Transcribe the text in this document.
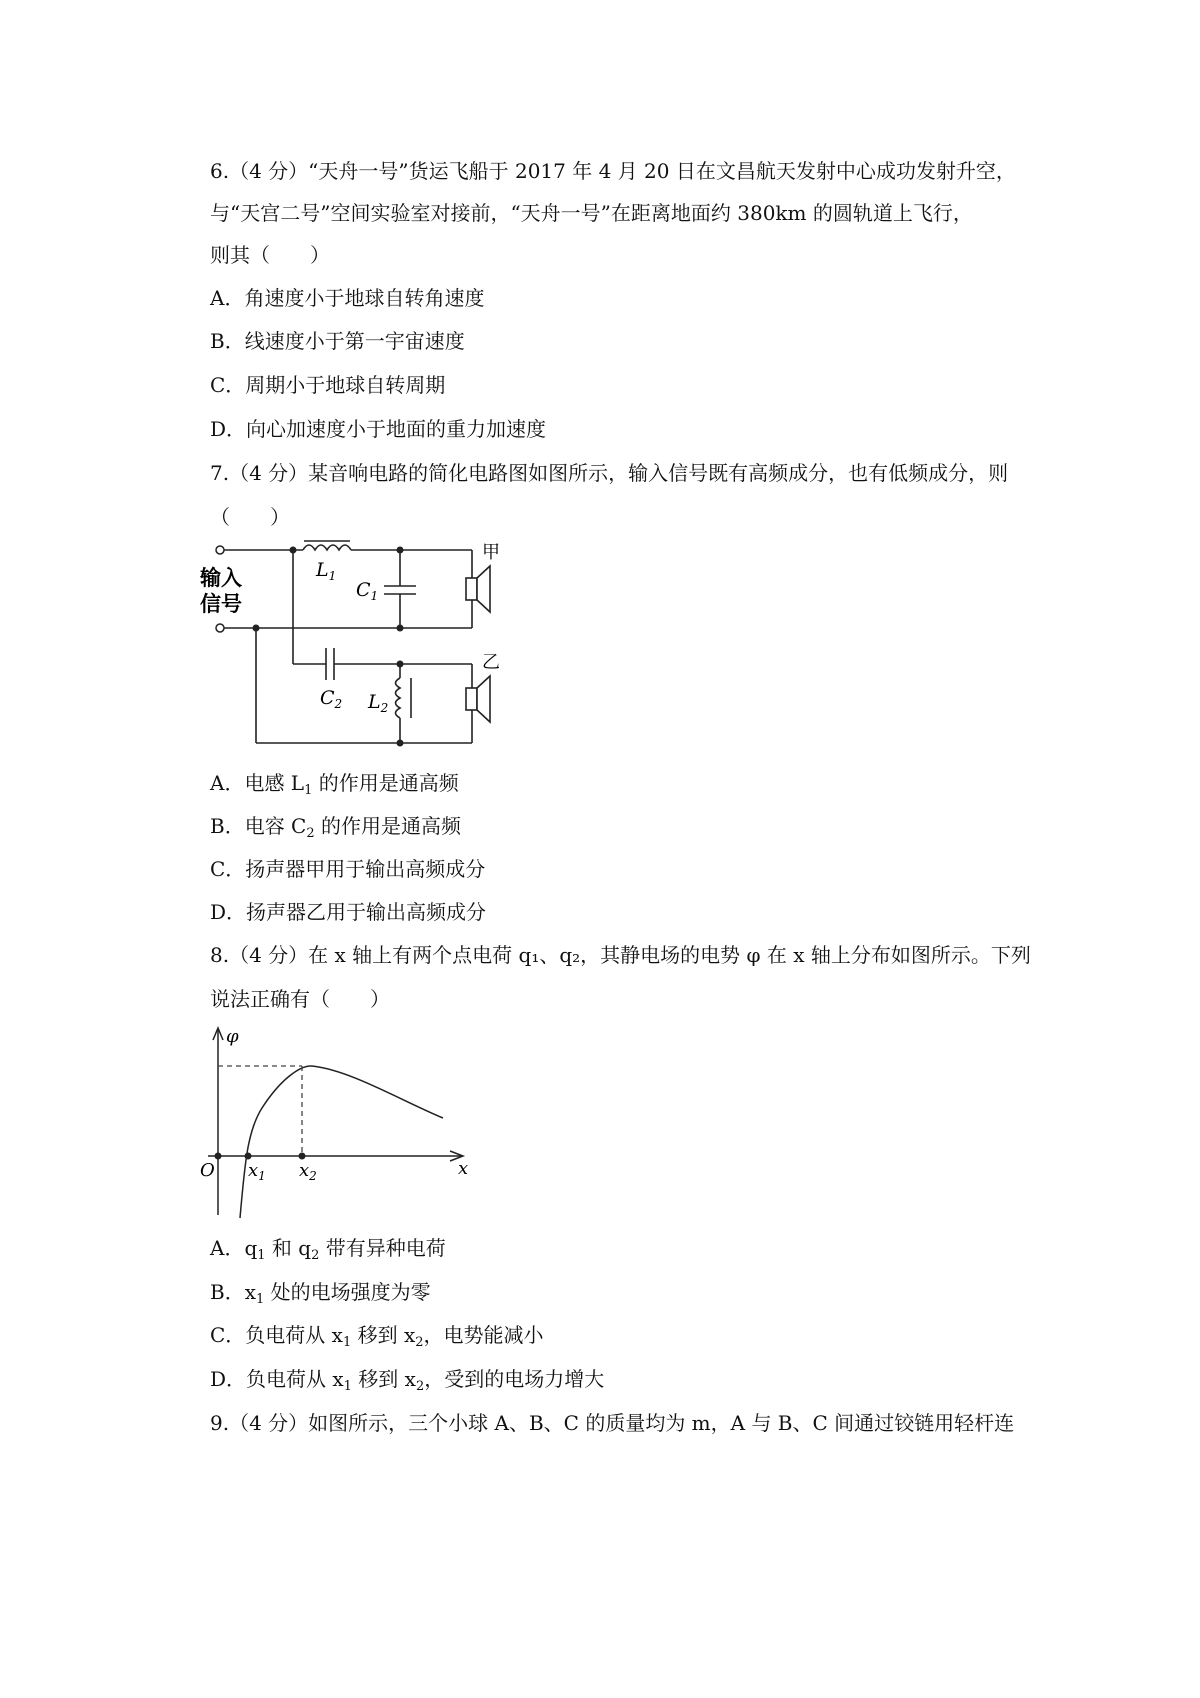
6.（4 分）“天舟一号”货运飞船于 2017 年 4 月 20 日在文昌航天发射中心成功发射升空，
与“天宫二号”空间实验室对接前，“天舟一号”在距离地面约 380km 的圆轨道上飞行，
则其（　　）
A．角速度小于地球自转角速度
B．线速度小于第一宇宙速度
C．周期小于地球自转周期
D．向心加速度小于地面的重力加速度
7.（4 分）某音响电路的简化电路图如图所示，输入信号既有高频成分，也有低频成分，则
（　　）
输入
信号
甲
乙
$L_1$
$C_1$
$C_2$ $L_2$
A．电感 $L_1$ 的作用是通高频
B．电容 $C_2$ 的作用是通高频
C．扬声器甲用于输出高频成分
D．扬声器乙用于输出高频成分
8.（4 分）在 x 轴上有两个点电荷 q₁、q₂，其静电场的电势 φ 在 x 轴上分布如图所示。下列
说法正确有（　　）
φ
x
O $x_1$ $x_2$
A．$q_1$ 和 $q_2$ 带有异种电荷
B．$x_1$ 处的电场强度为零
C．负电荷从 $x_1$ 移到 $x_2$，电势能减小
D．负电荷从 $x_1$ 移到 $x_2$，受到的电场力增大
9.（4 分）如图所示，三个小球 A、B、C 的质量均为 m，A 与 B、C 间通过铰链用轻杆连
